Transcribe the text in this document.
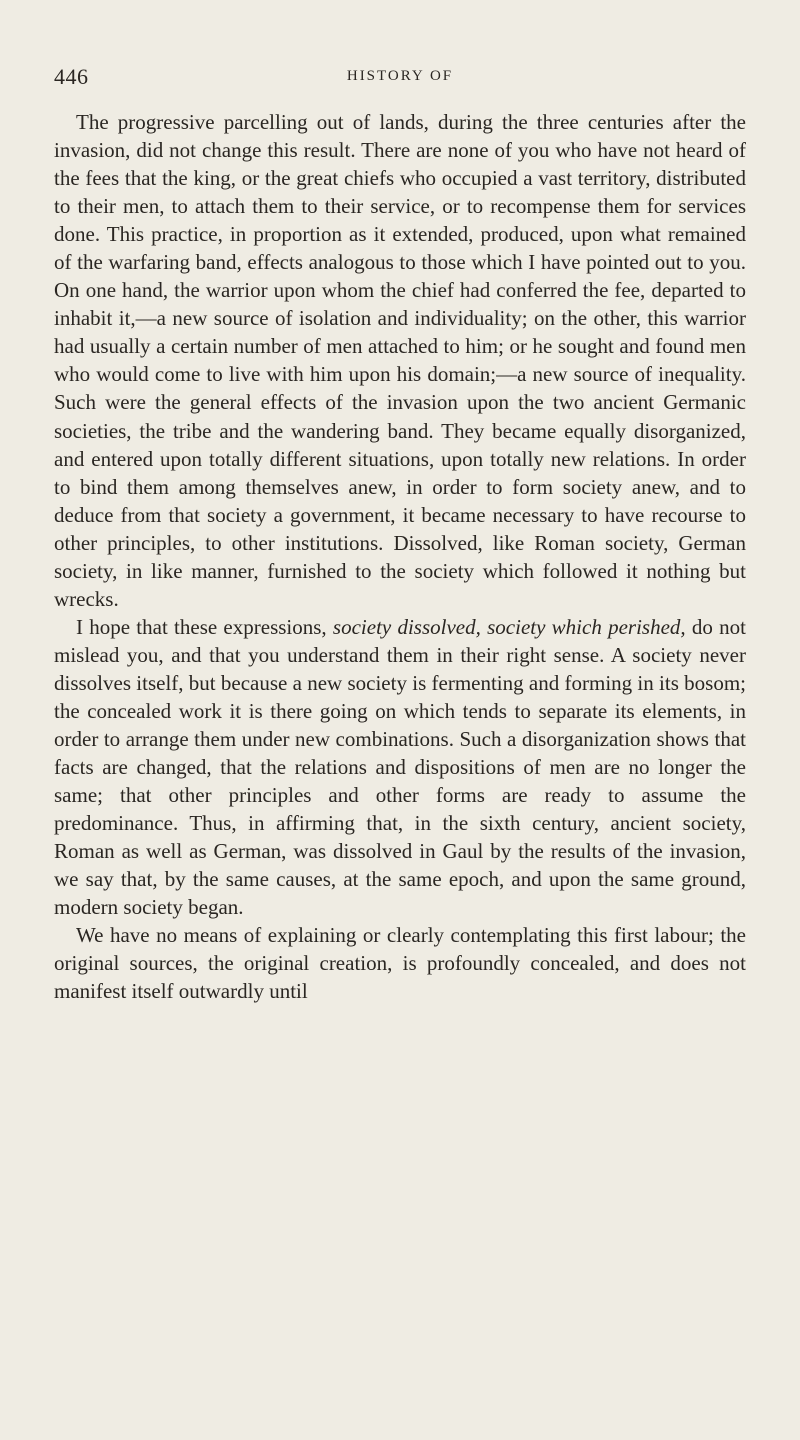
446	HISTORY OF

The progressive parcelling out of lands, during the three centuries after the invasion, did not change this result. There are none of you who have not heard of the fees that the king, or the great chiefs who occupied a vast territory, distributed to their men, to attach them to their service, or to recompense them for services done. This practice, in proportion as it extended, produced, upon what remained of the warfaring band, effects analogous to those which I have pointed out to you. On one hand, the warrior upon whom the chief had conferred the fee, departed to inhabit it,—a new source of isolation and individuality; on the other, this warrior had usually a certain number of men attached to him; or he sought and found men who would come to live with him upon his domain;—a new source of inequality. Such were the general effects of the invasion upon the two ancient Germanic societies, the tribe and the wandering band. They became equally disorganized, and entered upon totally different situations, upon totally new relations. In order to bind them among themselves anew, in order to form society anew, and to deduce from that society a government, it became necessary to have recourse to other principles, to other institutions. Dissolved, like Roman society, German society, in like manner, furnished to the society which followed it nothing but wrecks.

I hope that these expressions, society dissolved, society which perished, do not mislead you, and that you understand them in their right sense. A society never dissolves itself, but because a new society is fermenting and forming in its bosom; the concealed work it is there going on which tends to separate its elements, in order to arrange them under new combinations. Such a disorganization shows that facts are changed, that the relations and dispositions of men are no longer the same; that other principles and other forms are ready to assume the predominance. Thus, in affirming that, in the sixth century, ancient society, Roman as well as German, was dissolved in Gaul by the results of the invasion, we say that, by the same causes, at the same epoch, and upon the same ground, modern society began.

We have no means of explaining or clearly contemplating this first labour; the original sources, the original creation, is profoundly concealed, and does not manifest itself outwardly until
